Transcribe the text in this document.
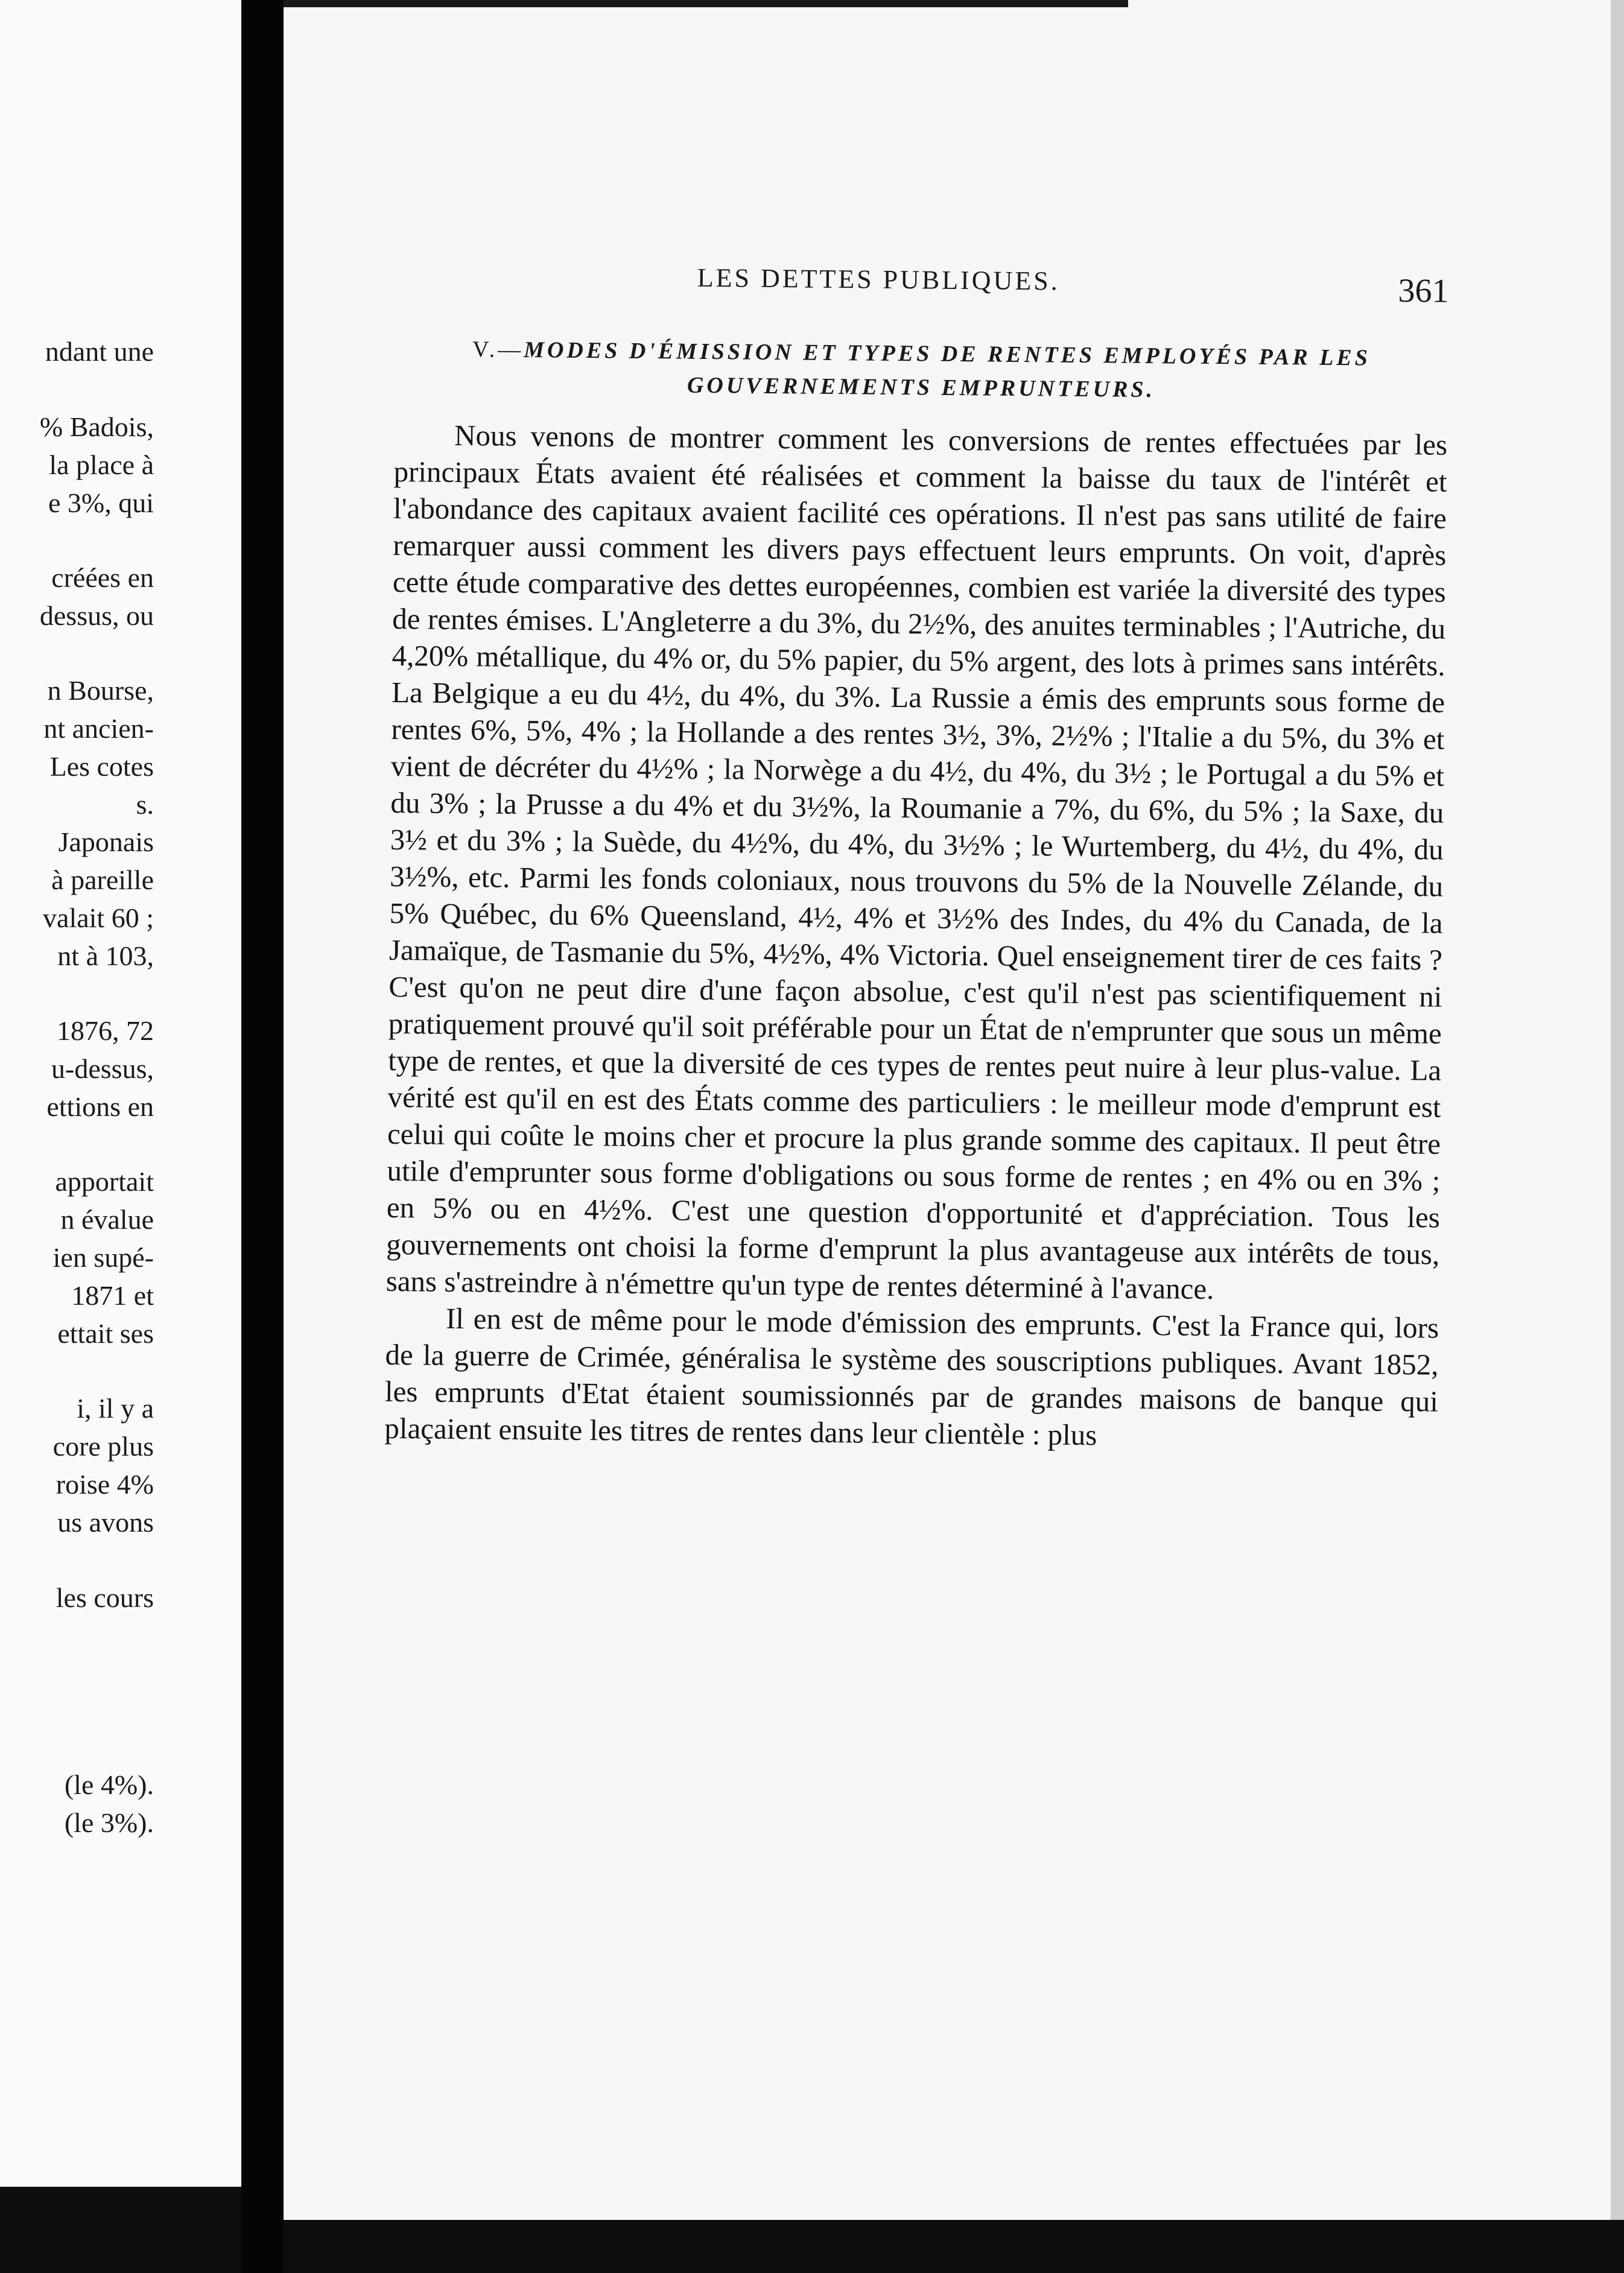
ndant une
% Badois,
la place à
e 3%, qui
créées en
dessus, ou
n Bourse,
nt ancien-
Les cotes
s.
Japonais
à pareille
valait 60 ;
nt à 103,
1876, 72
u-dessus,
ettions en
apportait
n évalue
ien supé-
1871 et
ettait ses
i, il y a
core plus
roise 4%
us avons
les cours
(le 4%).
(le 3%).
LES DETTES PUBLIQUES.	361
V.—MODES D'ÉMISSION ET TYPES DE RENTES EMPLOYÉS PAR LES GOUVERNEMENTS EMPRUNTEURS.

Nous venons de montrer comment les conversions de rentes effectuées par les principaux États avaient été réalisées et comment la baisse du taux de l'intérêt et l'abondance des capitaux avaient facilité ces opérations. Il n'est pas sans utilité de faire remarquer aussi comment les divers pays effectuent leurs emprunts. On voit, d'après cette étude comparative des dettes européennes, combien est variée la diversité des types de rentes émises. L'Angleterre a du 3%, du 2½%, des anuites terminables ; l'Autriche, du 4,20% métallique, du 4% or, du 5% papier, du 5% argent, des lots à primes sans intérêts. La Belgique a eu du 4½, du 4%, du 3%. La Russie a émis des emprunts sous forme de rentes 6%, 5%, 4% ; la Hollande a des rentes 3½, 3%, 2½% ; l'Italie a du 5%, du 3% et vient de décréter du 4½% ; la Norwège a du 4½, du 4%, du 3½ ; le Portugal a du 5% et du 3% ; la Prusse a du 4% et du 3½%, la Roumanie a 7%, du 6%, du 5% ; la Saxe, du 3½ et du 3% ; la Suède, du 4½%, du 4%, du 3½% ; le Wurtemberg, du 4½, du 4%, du 3½%, etc. Parmi les fonds coloniaux, nous trouvons du 5% de la Nouvelle Zélande, du 5% Québec, du 6% Queensland, 4½, 4% et 3½% des Indes, du 4% du Canada, de la Jamaïque, de Tasmanie du 5%, 4½%, 4% Victoria. Quel enseignement tirer de ces faits ? C'est qu'on ne peut dire d'une façon absolue, c'est qu'il n'est pas scientifiquement ni pratiquement prouvé qu'il soit préférable pour un État de n'emprunter que sous un même type de rentes, et que la diversité de ces types de rentes peut nuire à leur plus-value. La vérité est qu'il en est des États comme des particuliers : le meilleur mode d'emprunt est celui qui coûte le moins cher et procure la plus grande somme des capitaux. Il peut être utile d'emprunter sous forme d'obligations ou sous forme de rentes ; en 4% ou en 3% ; en 5% ou en 4½%. C'est une question d'opportunité et d'appréciation. Tous les gouvernements ont choisi la forme d'emprunt la plus avantageuse aux intérêts de tous, sans s'astreindre à n'émettre qu'un type de rentes déterminé à l'avance.

Il en est de même pour le mode d'émission des emprunts. C'est la France qui, lors de la guerre de Crimée, généralisa le système des souscriptions publiques. Avant 1852, les emprunts d'Etat étaient soumissionnés par de grandes maisons de banque qui plaçaient ensuite les titres de rentes dans leur clientèle : plus
